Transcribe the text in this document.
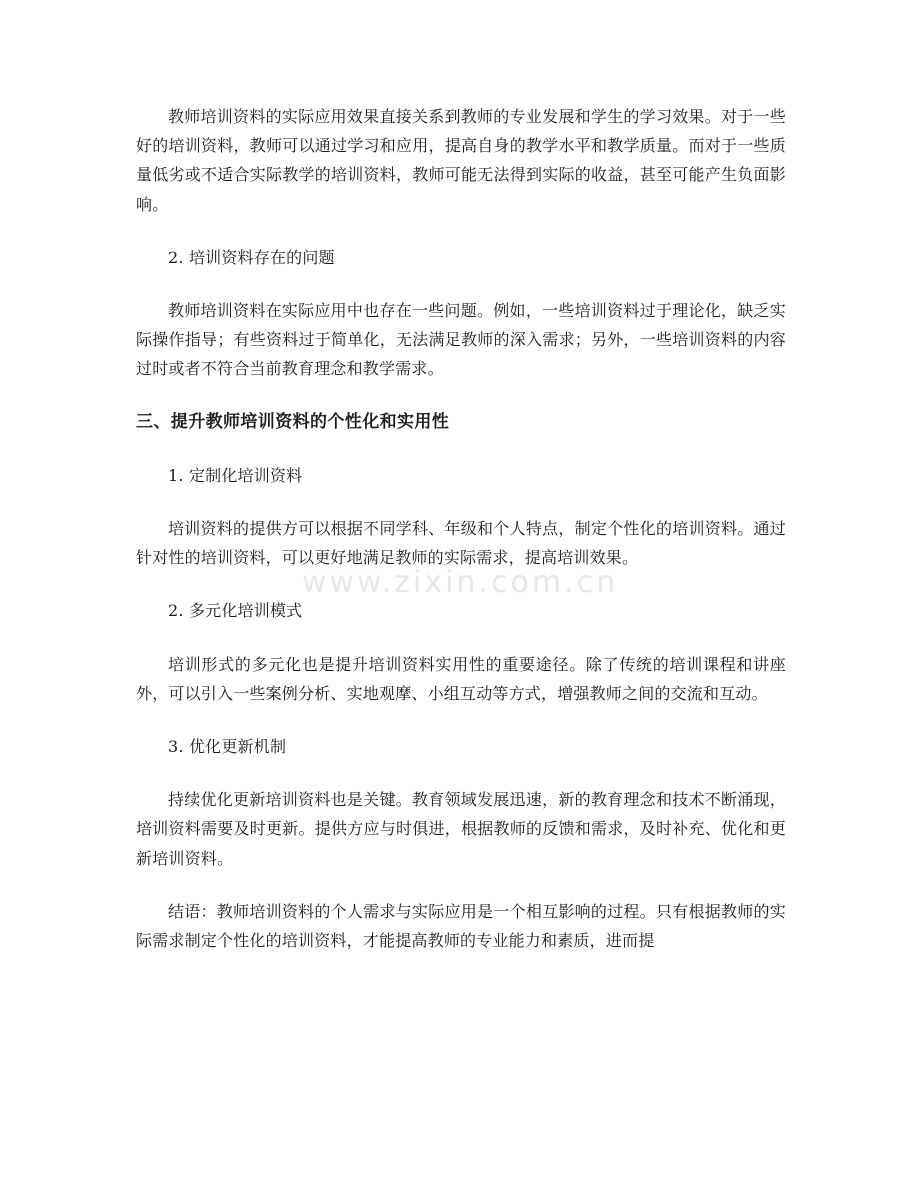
www.zixin.com.cn

教师培训资料的实际应用效果直接关系到教师的专业发展和学生的学习效果。对于一些好的培训资料，教师可以通过学习和应用，提高自身的教学水平和教学质量。而对于一些质量低劣或不适合实际教学的培训资料，教师可能无法得到实际的收益，甚至可能产生负面影响。

2. 培训资料存在的问题

教师培训资料在实际应用中也存在一些问题。例如，一些培训资料过于理论化，缺乏实际操作指导；有些资料过于简单化，无法满足教师的深入需求；另外，一些培训资料的内容过时或者不符合当前教育理念和教学需求。

三、提升教师培训资料的个性化和实用性

1. 定制化培训资料

培训资料的提供方可以根据不同学科、年级和个人特点，制定个性化的培训资料。通过针对性的培训资料，可以更好地满足教师的实际需求，提高培训效果。

2. 多元化培训模式

培训形式的多元化也是提升培训资料实用性的重要途径。除了传统的培训课程和讲座外，可以引入一些案例分析、实地观摩、小组互动等方式，增强教师之间的交流和互动。

3. 优化更新机制

持续优化更新培训资料也是关键。教育领域发展迅速，新的教育理念和技术不断涌现，培训资料需要及时更新。提供方应与时俱进，根据教师的反馈和需求，及时补充、优化和更新培训资料。

结语：教师培训资料的个人需求与实际应用是一个相互影响的过程。只有根据教师的实际需求制定个性化的培训资料，才能提高教师的专业能力和素质，进而提
